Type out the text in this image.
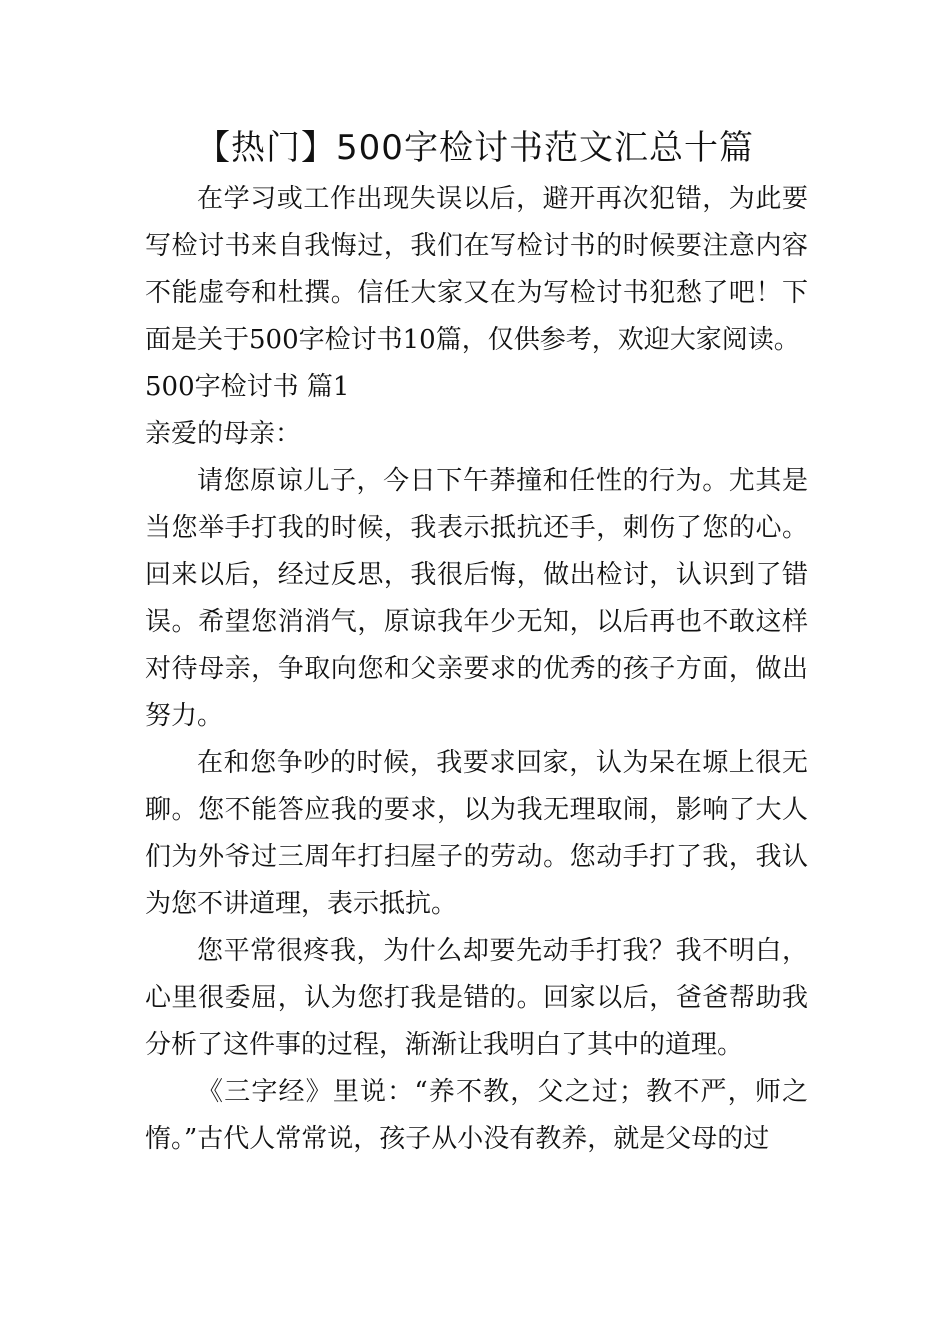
【热门】500字检讨书范文汇总十篇

在学习或工作出现失误以后，避开再次犯错，为此要写检讨书来自我悔过，我们在写检讨书的时候要注意内容不能虚夸和杜撰。信任大家又在为写检讨书犯愁了吧！下面是关于500字检讨书10篇，仅供参考，欢迎大家阅读。

500字检讨书 篇1

亲爱的母亲：

请您原谅儿子，今日下午莽撞和任性的行为。尤其是当您举手打我的时候，我表示抵抗还手，刺伤了您的心。回来以后，经过反思，我很后悔，做出检讨，认识到了错误。希望您消消气，原谅我年少无知，以后再也不敢这样对待母亲，争取向您和父亲要求的优秀的孩子方面，做出努力。

在和您争吵的时候，我要求回家，认为呆在塬上很无聊。您不能答应我的要求，以为我无理取闹，影响了大人们为外爷过三周年打扫屋子的劳动。您动手打了我，我认为您不讲道理，表示抵抗。

您平常很疼我，为什么却要先动手打我？我不明白，心里很委屈，认为您打我是错的。回家以后，爸爸帮助我分析了这件事的过程，渐渐让我明白了其中的道理。

《三字经》里说：“养不教，父之过；教不严，师之惰。”古代人常常说，孩子从小没有教养，就是父母的过
